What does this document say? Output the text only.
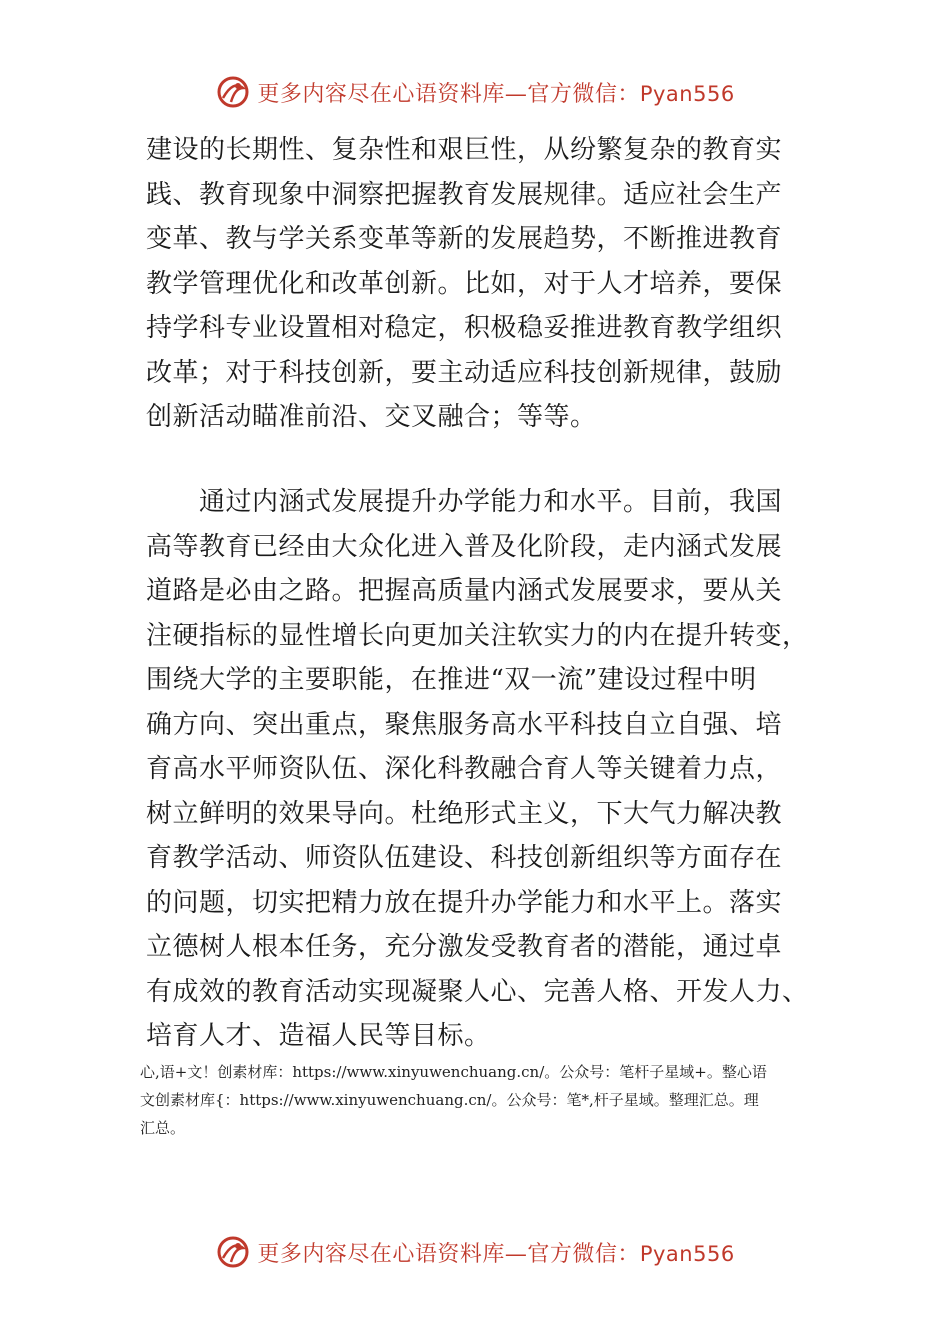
更多内容尽在心语资料库—官方微信：Pyan556
建设的长期性、复杂性和艰巨性，从纷繁复杂的教育实
践、教育现象中洞察把握教育发展规律。适应社会生产
变革、教与学关系变革等新的发展趋势，不断推进教育
教学管理优化和改革创新。比如，对于人才培养，要保
持学科专业设置相对稳定，积极稳妥推进教育教学组织
改革；对于科技创新，要主动适应科技创新规律，鼓励
创新活动瞄准前沿、交叉融合；等等。
　　通过内涵式发展提升办学能力和水平。目前，我国
高等教育已经由大众化进入普及化阶段，走内涵式发展
道路是必由之路。把握高质量内涵式发展要求，要从关
注硬指标的显性增长向更加关注软实力的内在提升转变，
围绕大学的主要职能，在推进“双一流”建设过程中明
确方向、突出重点，聚焦服务高水平科技自立自强、培
育高水平师资队伍、深化科教融合育人等关键着力点，
树立鲜明的效果导向。杜绝形式主义，下大气力解决教
育教学活动、师资队伍建设、科技创新组织等方面存在
的问题，切实把精力放在提升办学能力和水平上。落实
立德树人根本任务，充分激发受教育者的潜能，通过卓
有成效的教育活动实现凝聚人心、完善人格、开发人力、
培育人才、造福人民等目标。
心,语+文！创素材库：https://www.xinyuwenchuang.cn/。公众号：笔杆子星域+。整心语
文创素材库{：https://www.xinyuwenchuang.cn/。公众号：笔*,杆子星域。整理汇总。理
汇总。
更多内容尽在心语资料库—官方微信：Pyan556
